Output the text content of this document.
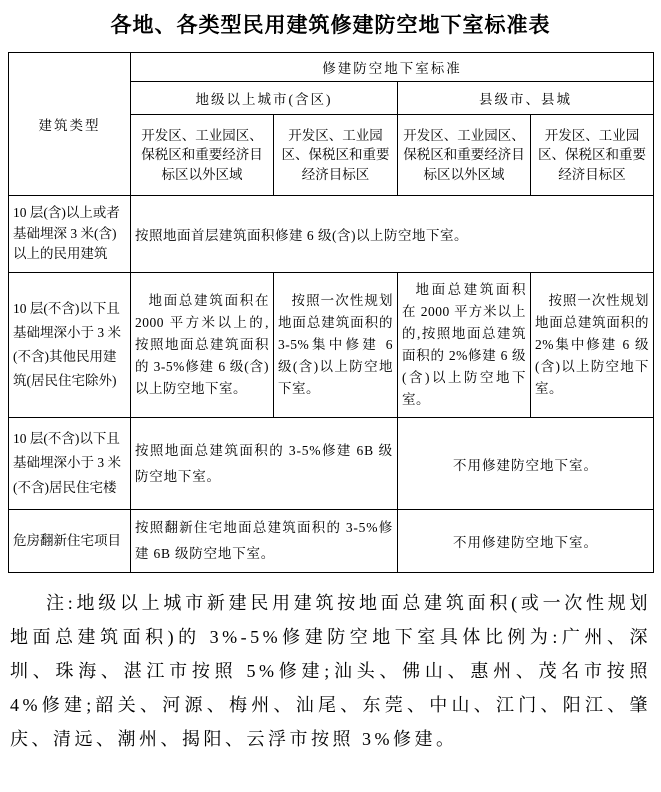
各地、各类型民用建筑修建防空地下室标准表
建筑类型	修建防空地下室标准			
	地级以上城市(含区)		县级市、县城	
	开发区、工业园区、保税区和重要经济目标区以外区域	开发区、工业园区、保税区和重要经济目标区	开发区、工业园区、保税区和重要经济目标区以外区域	开发区、工业园区、保税区和重要经济目标区
10 层(含)以上或者基础埋深 3 米(含)以上的民用建筑	按照地面首层建筑面积修建 6 级(含)以上防空地下室。			
10 层(不含)以下且基础埋深小于 3 米(不含)其他民用建筑(居民住宅除外)	地面总建筑面积在 2000 平方米以上的,按照地面总建筑面积的 3-5%修建 6 级(含)以上防空地下室。	按照一次性规划地面总建筑面积的 3-5%集中修建 6 级(含)以上防空地下室。	地面总建筑面积在 2000 平方米以上的,按照地面总建筑面积的 2%修建 6 级(含)以上防空地下室。	按照一次性规划地面总建筑面积的 2%集中修建 6 级(含)以上防空地下室。
10 层(不含)以下且基础埋深小于 3 米(不含)居民住宅楼	按照地面总建筑面积的 3-5%修建 6B 级防空地下室。		不用修建防空地下室。	
危房翻新住宅项目	按照翻新住宅地面总建筑面积的 3-5%修建 6B 级防空地下室。		不用修建防空地下室。	

注:地级以上城市新建民用建筑按地面总建筑面积(或一次性规划地面总建筑面积)的 3%-5%修建防空地下室具体比例为:广州、深圳、珠海、湛江市按照 5%修建;汕头、佛山、惠州、茂名市按照 4%修建;韶关、河源、梅州、汕尾、东莞、中山、江门、阳江、肇庆、清远、潮州、揭阳、云浮市按照 3%修建。
